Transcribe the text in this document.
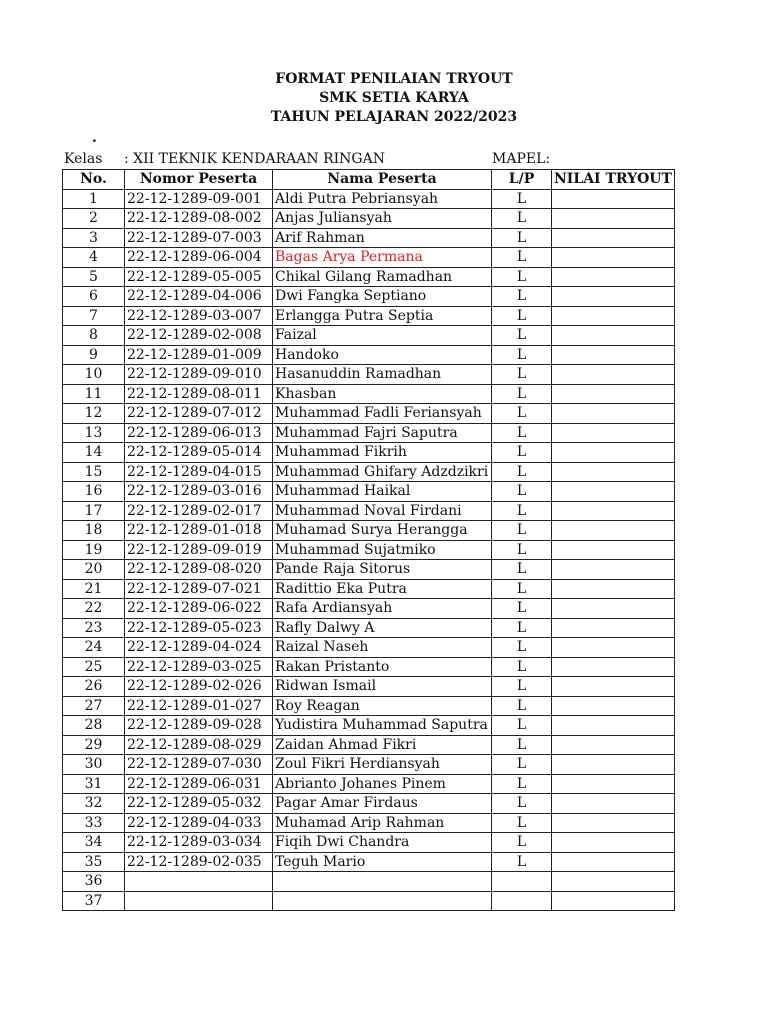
FORMAT PENILAIAN TRYOUT
SMK SETIA KARYA
TAHUN PELAJARAN 2022/2023
.
Kelas : XII TEKNIK KENDARAAN RINGAN	MAPEL:
No.	Nomor Peserta	Nama Peserta	L/P	NILAI TRYOUT
1	22-12-1289-09-001	Aldi Putra Pebriansyah	L	
2	22-12-1289-08-002	Anjas Juliansyah	L	
3	22-12-1289-07-003	Arif Rahman	L	
4	22-12-1289-06-004	Bagas Arya Permana	L	
5	22-12-1289-05-005	Chikal Gilang Ramadhan	L	
6	22-12-1289-04-006	Dwi Fangka Septiano	L	
7	22-12-1289-03-007	Erlangga Putra Septia	L	
8	22-12-1289-02-008	Faizal	L	
9	22-12-1289-01-009	Handoko	L	
10	22-12-1289-09-010	Hasanuddin Ramadhan	L	
11	22-12-1289-08-011	Khasban	L	
12	22-12-1289-07-012	Muhammad Fadli Feriansyah	L	
13	22-12-1289-06-013	Muhammad Fajri Saputra	L	
14	22-12-1289-05-014	Muhammad Fikrih	L	
15	22-12-1289-04-015	Muhammad Ghifary Adzdzikri	L	
16	22-12-1289-03-016	Muhammad Haikal	L	
17	22-12-1289-02-017	Muhammad Noval Firdani	L	
18	22-12-1289-01-018	Muhamad Surya Herangga	L	
19	22-12-1289-09-019	Muhammad Sujatmiko	L	
20	22-12-1289-08-020	Pande Raja Sitorus	L	
21	22-12-1289-07-021	Radittio Eka Putra	L	
22	22-12-1289-06-022	Rafa Ardiansyah	L	
23	22-12-1289-05-023	Rafly Dalwy A	L	
24	22-12-1289-04-024	Raizal Naseh	L	
25	22-12-1289-03-025	Rakan Pristanto	L	
26	22-12-1289-02-026	Ridwan Ismail	L	
27	22-12-1289-01-027	Roy Reagan	L	
28	22-12-1289-09-028	Yudistira Muhammad Saputra	L	
29	22-12-1289-08-029	Zaidan Ahmad Fikri	L	
30	22-12-1289-07-030	Zoul Fikri Herdiansyah	L	
31	22-12-1289-06-031	Abrianto Johanes Pinem	L	
32	22-12-1289-05-032	Pagar Amar Firdaus	L	
33	22-12-1289-04-033	Muhamad Arip Rahman	L	
34	22-12-1289-03-034	Fiqih Dwi Chandra	L	
35	22-12-1289-02-035	Teguh Mario	L	
36				
37				
